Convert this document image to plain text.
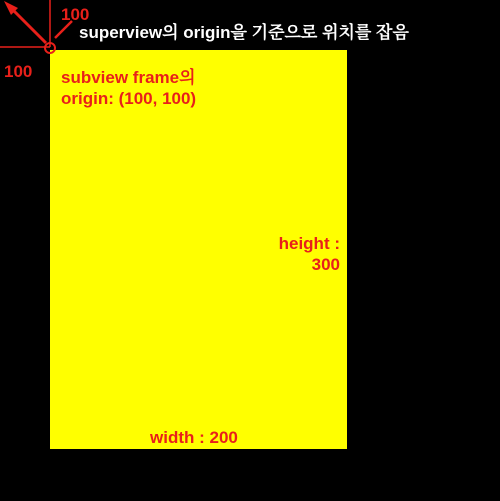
100

100

superview의 origin을 기준으로 위치를 잡음

subview frame의
origin: (100, 100)
height :
300

width : 200
